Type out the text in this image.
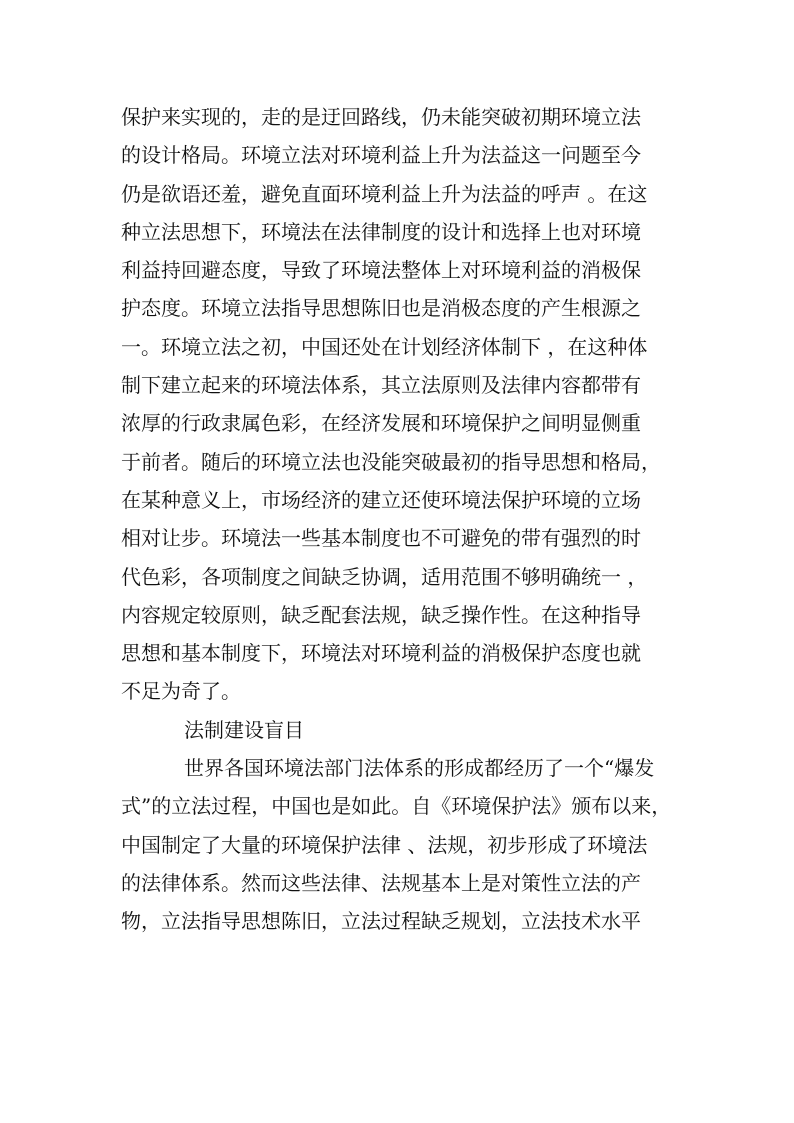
保护来实现的，走的是迂回路线，仍未能突破初期环境立法
的设计格局。环境立法对环境利益上升为法益这一问题至今
仍是欲语还羞，避免直面环境利益上升为法益的呼声 。在这
种立法思想下，环境法在法律制度的设计和选择上也对环境
利益持回避态度，导致了环境法整体上对环境利益的消极保
护态度。环境立法指导思想陈旧也是消极态度的产生根源之
一。环境立法之初，中国还处在计划经济体制下 ，在这种体
制下建立起来的环境法体系，其立法原则及法律内容都带有
浓厚的行政隶属色彩，在经济发展和环境保护之间明显侧重
于前者。随后的环境立法也没能突破最初的指导思想和格局，
在某种意义上，市场经济的建立还使环境法保护环境的立场
相对让步。环境法一些基本制度也不可避免的带有强烈的时
代色彩，各项制度之间缺乏协调，适用范围不够明确统一 ，
内容规定较原则，缺乏配套法规，缺乏操作性。在这种指导
思想和基本制度下，环境法对环境利益的消极保护态度也就
不足为奇了。
法制建设盲目
世界各国环境法部门法体系的形成都经历了一个“爆发
式”的立法过程，中国也是如此。自《环境保护法》颁布以来，
中国制定了大量的环境保护法律 、法规，初步形成了环境法
的法律体系。然而这些法律、法规基本上是对策性立法的产
物，立法指导思想陈旧，立法过程缺乏规划，立法技术水平
